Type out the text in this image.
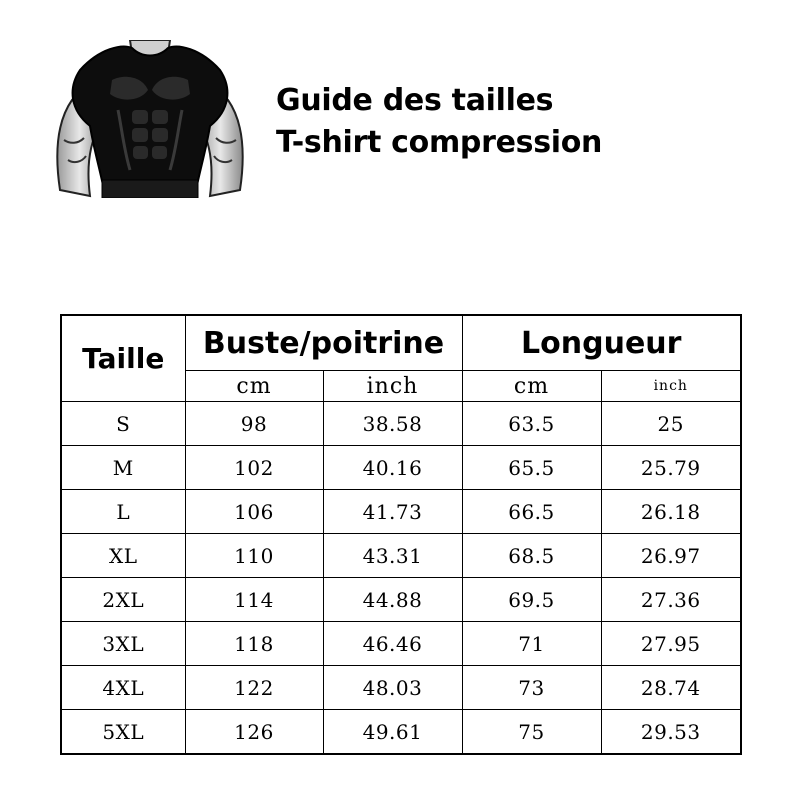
Guide des tailles
T-shirt compression
Taille	Buste/poitrine		Longueur	
	cm	inch	cm	inch
S	98	38.58	63.5	25
M	102	40.16	65.5	25.79
L	106	41.73	66.5	26.18
XL	110	43.31	68.5	26.97
2XL	114	44.88	69.5	27.36
3XL	118	46.46	71	27.95
4XL	122	48.03	73	28.74
5XL	126	49.61	75	29.53
